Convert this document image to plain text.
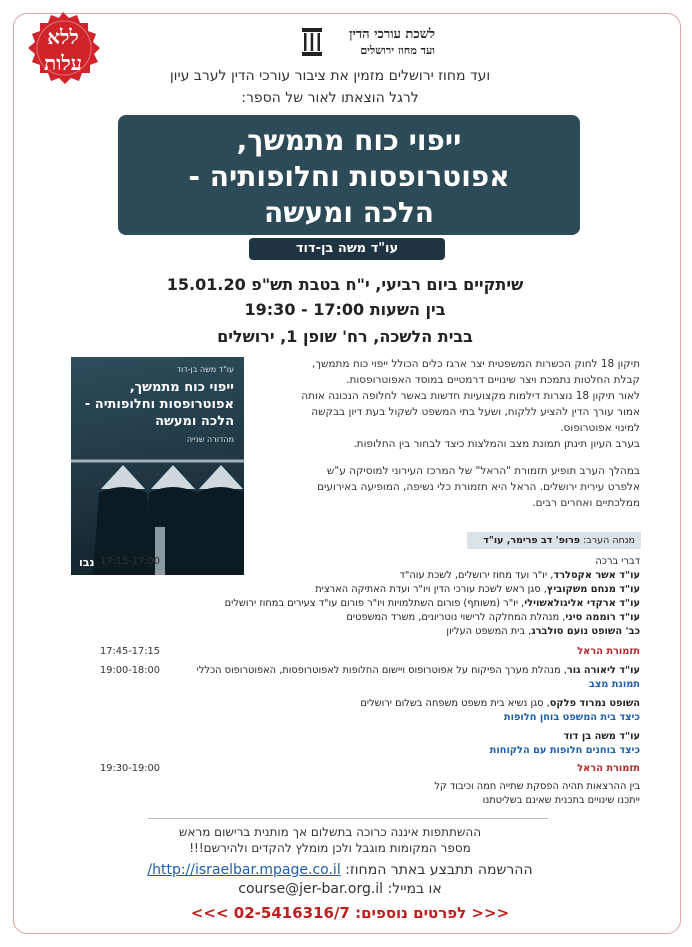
ללא
עלות
לשכת עורכי הדין
ועד מחוז ירושלים
ועד מחוז ירושלים מזמין את ציבור עורכי הדין לערב עיון
לרגל הוצאתו לאור של הספר:
ייפוי כוח מתמשך,
אפוטרופסות וחלופותיה -
הלכה ומעשה
עו"ד משה בן-דוד
שיתקיים ביום רביעי, י"ח בטבת תש"פ 15.01.20
בין השעות 17:00 - 19:30
בבית הלשכה, רח' שופן 1, ירושלים
עו"ד משה בן-דוד
ייפוי כוח מתמשך, אפוטרופסות וחלופותיה - הלכה ומעשה
מהדורה שנייה
נבו
תיקון 18 לחוק הכשרות המשפטית יצר ארגז כלים הכולל ייפוי כוח מתמשך,
קבלת החלטות נתמכת ויצר שינויים דרמטיים במוסד האפוטרופסות.
לאור תיקון 18 נוצרות דילמות מקצועיות חדשות באשר לחלופה הנכונה אותה
אמור עורך הדין להציע ללקוח, ושעל בתי המשפט לשקול בעת דיון בבקשה
למינוי אפוטרופוס.
בערב העיון תינתן תמונת מצב והמלצות כיצד לבחור בין החלופות.
במהלך הערב תופיע תזמורת "הראל" של המרכז העירוני למוסיקה ע"ש
אלפרט עירית ירושלים. הראל היא תזמורת כלי נשיפה, המופיעה באירועים
ממלכתיים ואחרים רבים.
מנחה הערב: פרופ' דב פרימר, עו"ד
17:15-17:00	דברי ברכה
עו"ד אשר אקסלרד, יו"ר ועד מחוז ירושלים, לשכת עוה"ד
עו"ד מנחם משקוביץ, סגן ראש לשכת עורכי הדין ויו"ר ועדת האתיקה הארצית
עו"ד ארקדי אליגולאשוילי, יו"ר (משותף) פורום השתלמויות ויו"ר פורום עו"ד צעירים במחוז ירושלים
עו"ד רוממה סיני, מנהלת המחלקה לרישוי נוטריונים, משרד המשפטים
כב' השופט נועם סולברג, בית המשפט העליון
17:45-17:15	תזמורת הראל
19:00-18:00	עו"ד ליאורה גור, מנהלת מערך הפיקוח על אפוטרופוס ויישום החלופות לאפוטרופסות, האפוטרופוס הכללי
תמונת מצב
השופט נמרוד פלקס, סגן נשיא בית משפט משפחה בשלום ירושלים
כיצד בית המשפט בוחן חלופות
עו"ד משה בן דוד
כיצד בוחנים חלופות עם הלקוחות
19:30-19:00	תזמורת הראל
בין ההרצאות תהיה הפסקת שתייה חמה וכיבוד קל
ייתכנו שינויים בתכנית שאינם בשליטתנו
ההשתתפות איננה כרוכה בתשלום אך מותנית ברישום מראש
מספר המקומות מוגבל ולכן מומלץ להקדים ולהירשם!!!
ההרשמה תתבצע באתר המחוז: http://israelbar.mpage.co.il/
או במייל: course@jer-bar.org.il
<<< לפרטים נוספים: 02-5416316/7 >>>
